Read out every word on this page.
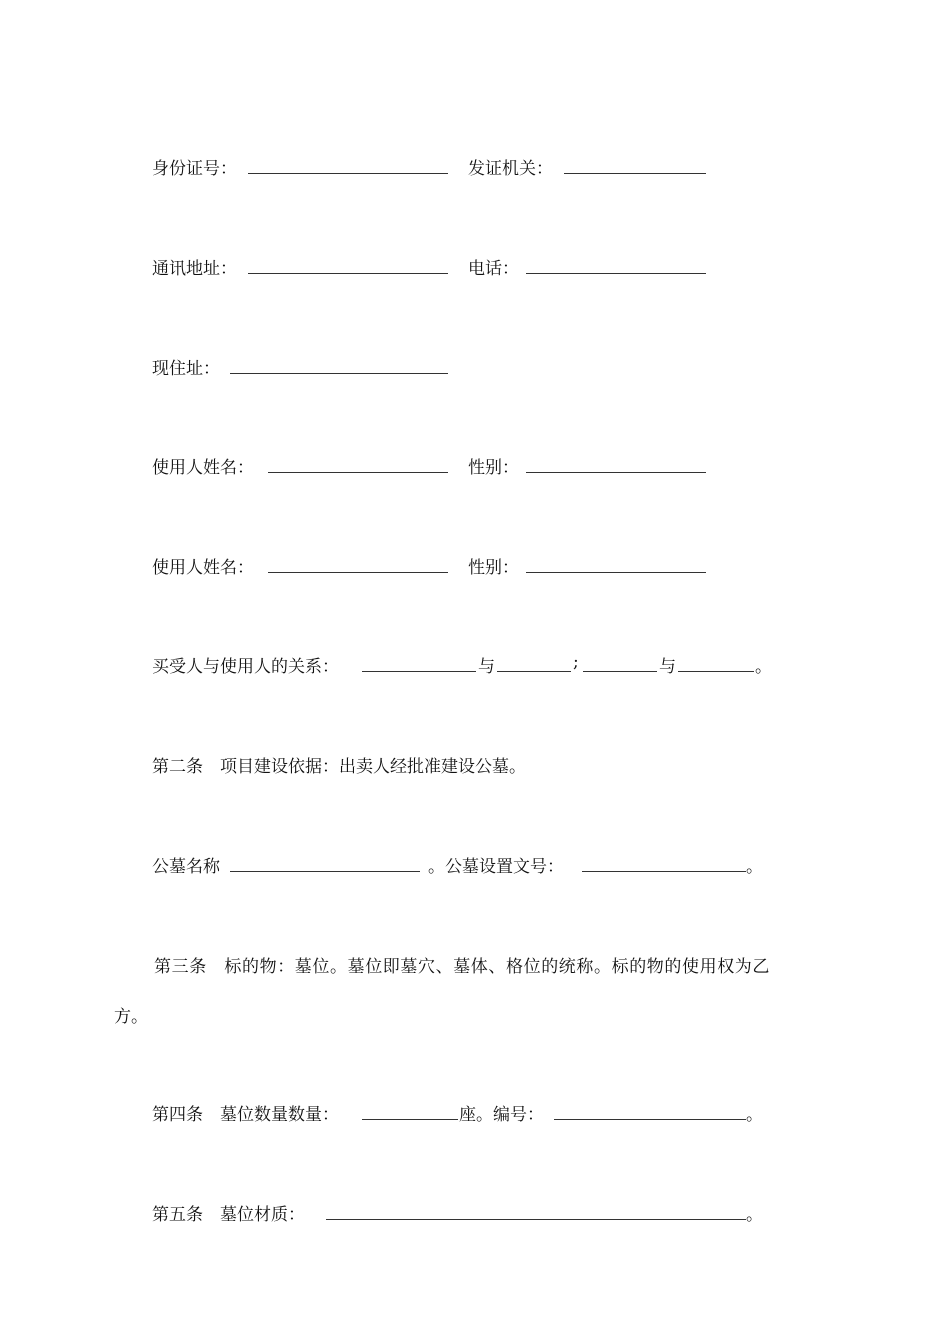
身份证号：	发证机关：
通讯地址：	电话：
现住址：
使用人姓名：	性别：
使用人姓名：	性别：
买受人与使用人的关系：	与	;	与	。
第二条　项目建设依据：出卖人经批准建设公墓。
公墓名称	。公墓设置文号：	。
第三条　标的物：墓位。墓位即墓穴、墓体、格位的统称。标的物的使用权为乙
方。
第四条　墓位数量数量：	座。编号：	。
第五条　墓位材质：	。
